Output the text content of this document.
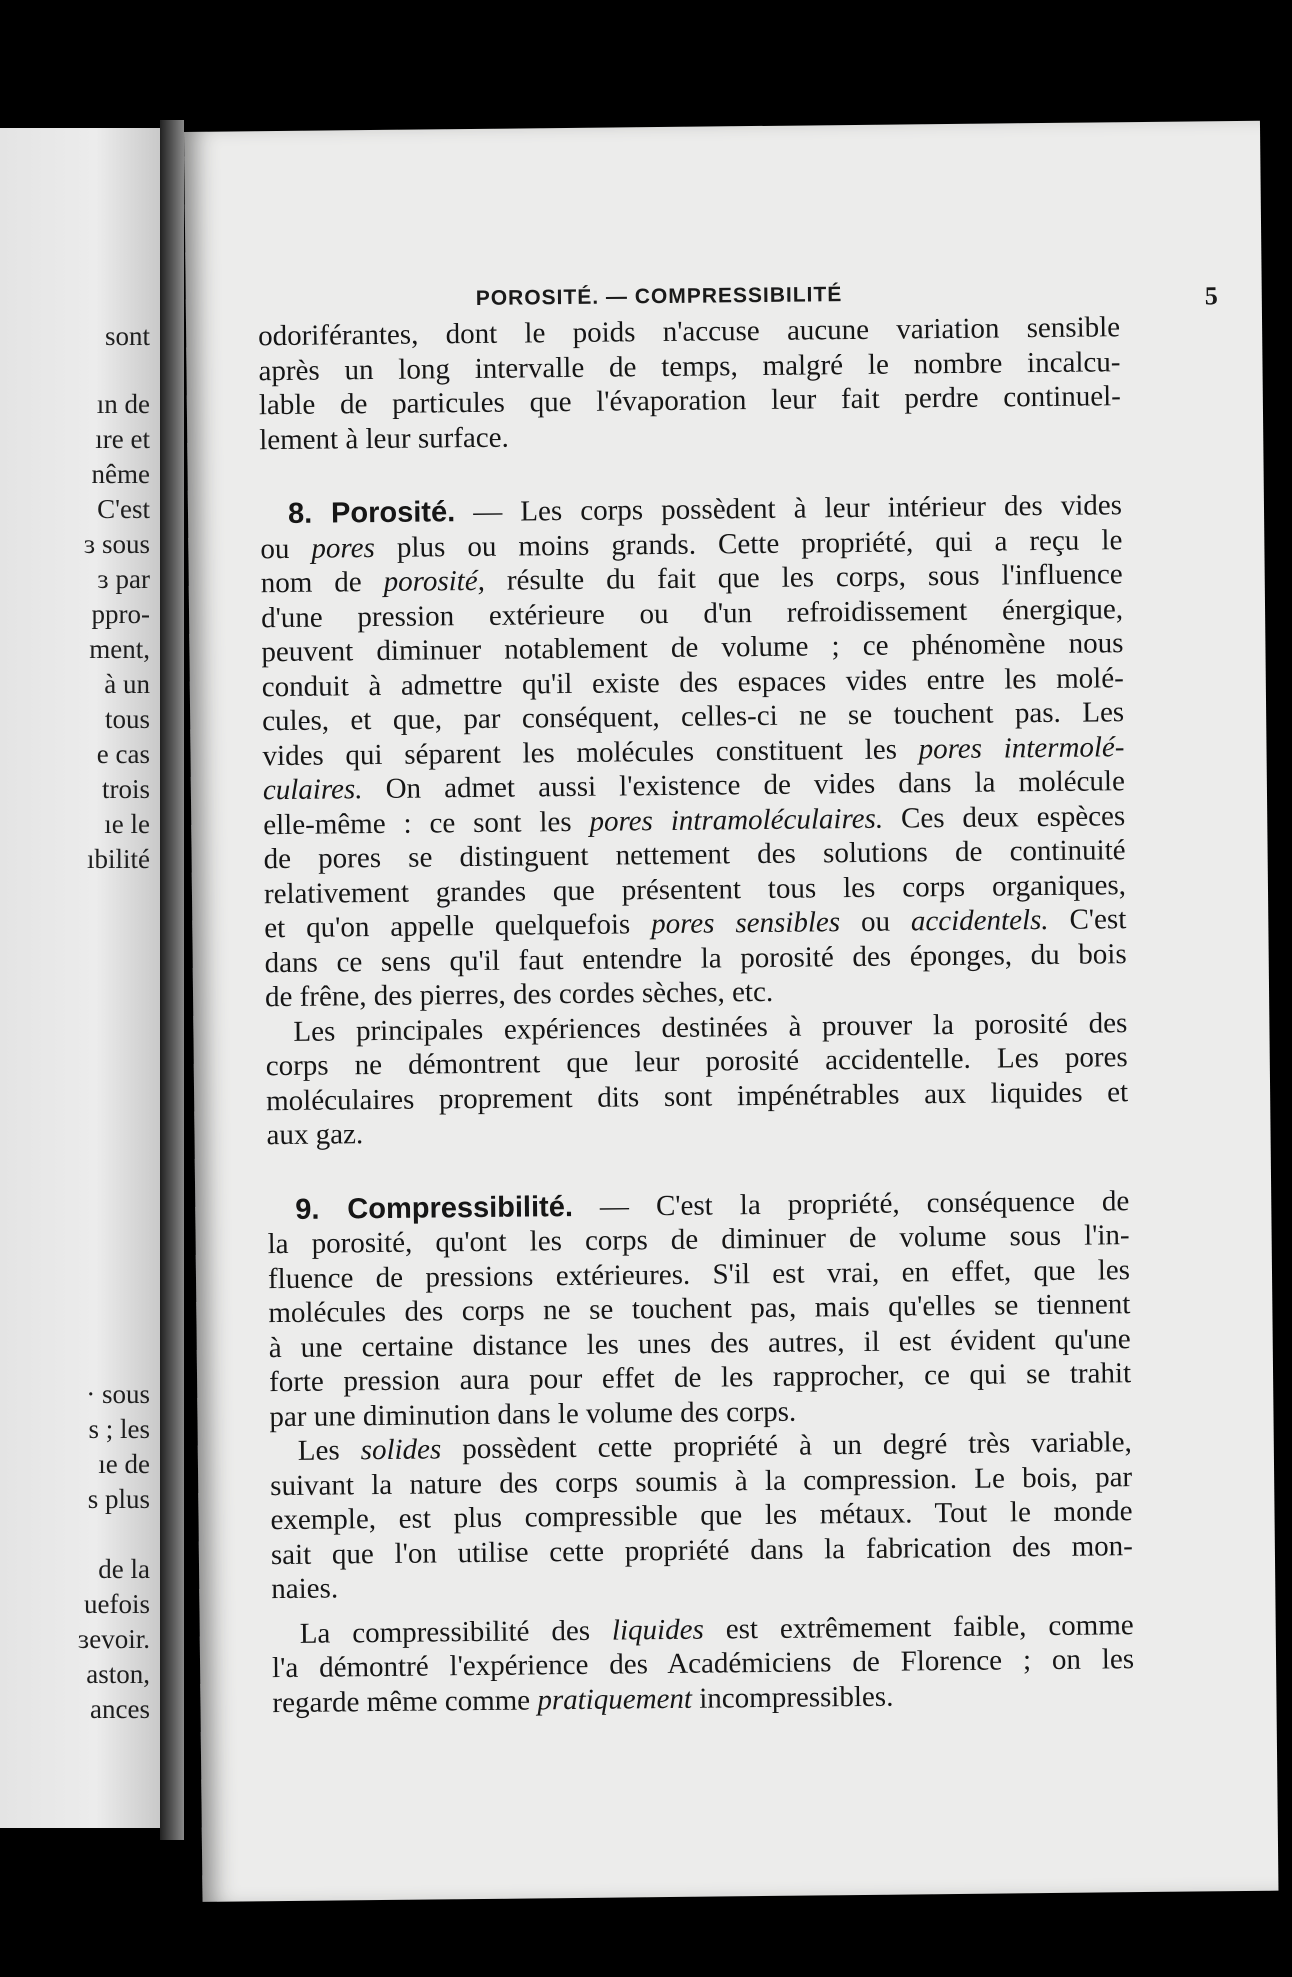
sont
ın de
ıre et
nême
C'est
ɜ sous
ɜ par
ppro-
ment,
à un
tous
e cas
trois
ıe le
ıbilité
· sous
s ; les
ıe de
s plus
de la
uefois
ɜevoir.
aston,
ances
POROSITÉ. — COMPRESSIBILITÉ	5
odoriférantes, dont le poids n'accuse aucune variation sensible
après un long intervalle de temps, malgré le nombre incalcu-
lable de particules que l'évaporation leur fait perdre continuel-
lement à leur surface.
8. Porosité. — Les corps possèdent à leur intérieur des vides
ou pores plus ou moins grands. Cette propriété, qui a reçu le
nom de porosité, résulte du fait que les corps, sous l'influence
d'une pression extérieure ou d'un refroidissement énergique,
peuvent diminuer notablement de volume ; ce phénomène nous
conduit à admettre qu'il existe des espaces vides entre les molé-
cules, et que, par conséquent, celles-ci ne se touchent pas. Les
vides qui séparent les molécules constituent les pores intermolé-
culaires. On admet aussi l'existence de vides dans la molécule
elle-même : ce sont les pores intramoléculaires. Ces deux espèces
de pores se distinguent nettement des solutions de continuité
relativement grandes que présentent tous les corps organiques,
et qu'on appelle quelquefois pores sensibles ou accidentels. C'est
dans ce sens qu'il faut entendre la porosité des éponges, du bois
de frêne, des pierres, des cordes sèches, etc.
Les principales expériences destinées à prouver la porosité des
corps ne démontrent que leur porosité accidentelle. Les pores
moléculaires proprement dits sont impénétrables aux liquides et
aux gaz.
9. Compressibilité. — C'est la propriété, conséquence de
la porosité, qu'ont les corps de diminuer de volume sous l'in-
fluence de pressions extérieures. S'il est vrai, en effet, que les
molécules des corps ne se touchent pas, mais qu'elles se tiennent
à une certaine distance les unes des autres, il est évident qu'une
forte pression aura pour effet de les rapprocher, ce qui se trahit
par une diminution dans le volume des corps.
Les solides possèdent cette propriété à un degré très variable,
suivant la nature des corps soumis à la compression. Le bois, par
exemple, est plus compressible que les métaux. Tout le monde
sait que l'on utilise cette propriété dans la fabrication des mon-
naies.
La compressibilité des liquides est extrêmement faible, comme
l'a démontré l'expérience des Académiciens de Florence ; on les
regarde même comme pratiquement incompressibles.
